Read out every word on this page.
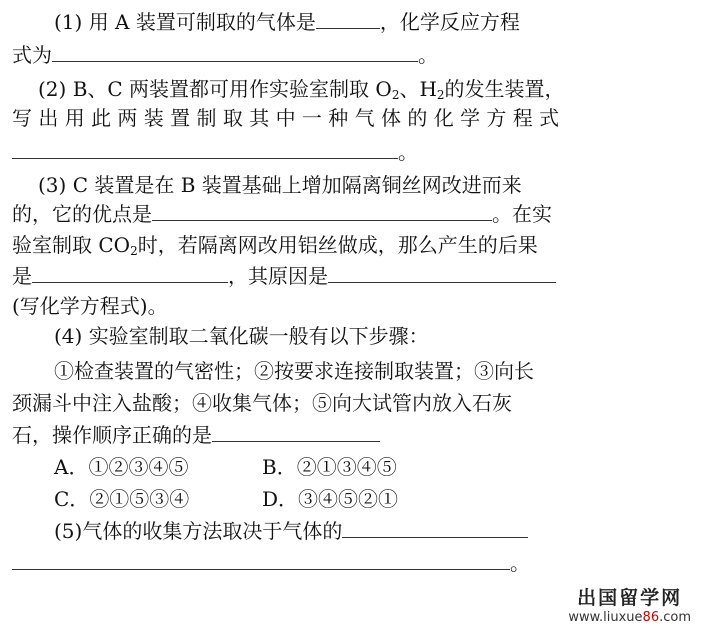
(1) 用 A 装置可制取的气体是	，化学反应方程
式为	。
(2) B、C 两装置都可用作实验室制取 $O_2$、$H_2$的发生装置，
写 出 用 此 两 装 置 制 取 其 中 一 种 气 体 的 化 学 方 程 式
。
(3) C 装置是在 B 装置基础上增加隔离铜丝网改进而来
的，它的优点是	。在实
验室制取 $CO_2$时，若隔离网改用铝丝做成，那么产生的后果
是	，其原因是
(写化学方程式)。
(4) 实验室制取二氧化碳一般有以下步骤：
①检查装置的气密性；②按要求连接制取装置；③向长
颈漏斗中注入盐酸；④收集气体；⑤向大试管内放入石灰
石，操作顺序正确的是
A．①②③④⑤	B．②①③④⑤
C．②①⑤③④	D．③④⑤②①
(5)气体的收集方法取决于气体的
。
出国留学网
www.liuxue86.com
